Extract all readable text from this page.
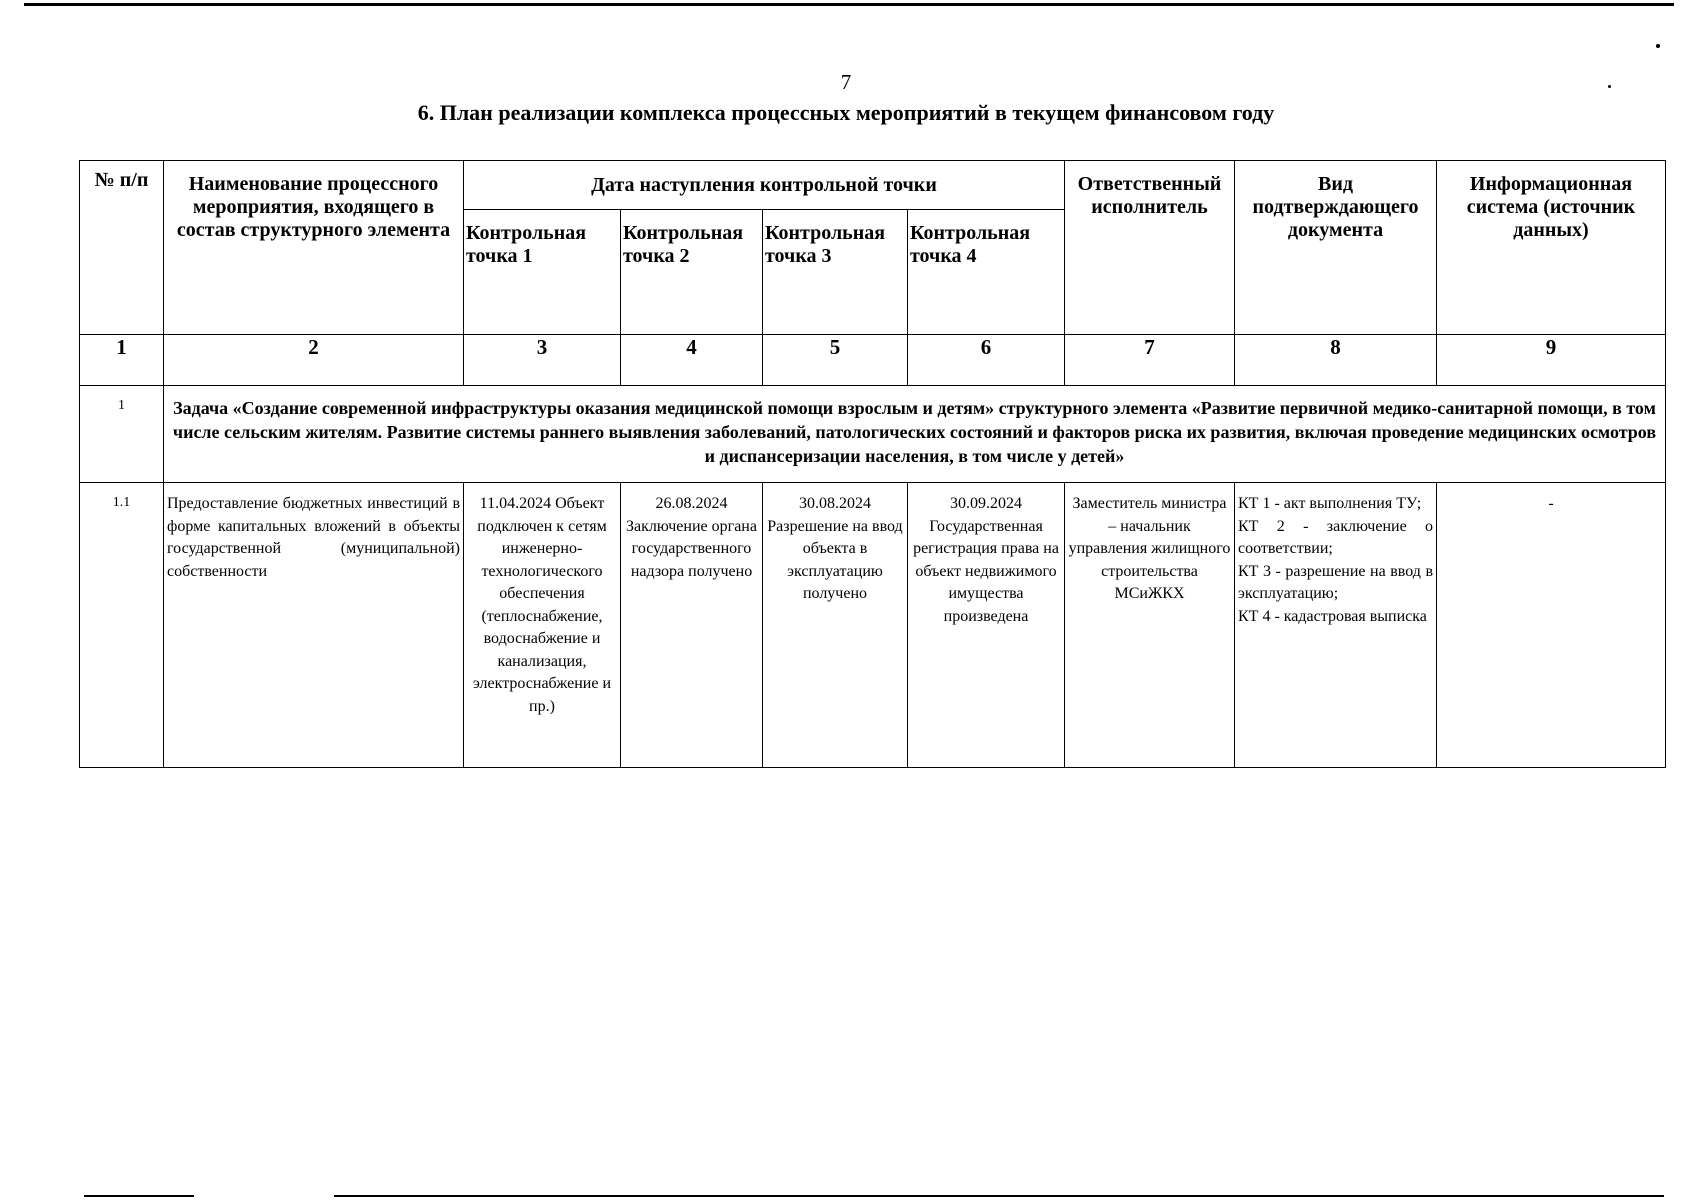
7
6. План реализации комплекса процессных мероприятий в текущем финансовом году
№ п/п	Наименование процессного мероприятия, входящего в состав структурного элемента	Дата наступления контрольной точки				Ответственный исполнитель	Вид подтверждающего документа	Информационная система (источник данных)
		Контрольная точка 1	Контрольная точка 2	Контрольная точка 3	Контрольная точка 4			
1	2	3	4	5	6	7	8	9
1	Задача «Создание современной инфраструктуры оказания медицинской помощи взрослым и детям» структурного элемента «Развитие первичной медико-санитарной помощи, в том числе сельским жителям. Развитие системы раннего выявления заболеваний, патологических состояний и факторов риска их развития, включая проведение медицинских осмотров и диспансеризации населения, в том числе у детей»							
1.1	Предоставление бюджетных инвестиций в форме капитальных вложений в объекты государственной (муниципальной) собственности	11.04.2024 Объект подключен к сетям инженерно-технологического обеспечения (теплоснабжение, водоснабжение и канализация, электроснабжение и пр.)	26.08.2024 Заключение органа государственного надзора получено	30.08.2024 Разрешение на ввод объекта в эксплуатацию получено	30.09.2024 Государственная регистрация права на объект недвижимого имущества произведена	Заместитель министра – начальник управления жилищного строительства МСиЖКХ	КТ 1 - акт выполнения ТУ;
КТ 2 - заключение о соответствии;
КТ 3 - разрешение на ввод в эксплуатацию;
КТ 4 - кадастровая выписка	-
